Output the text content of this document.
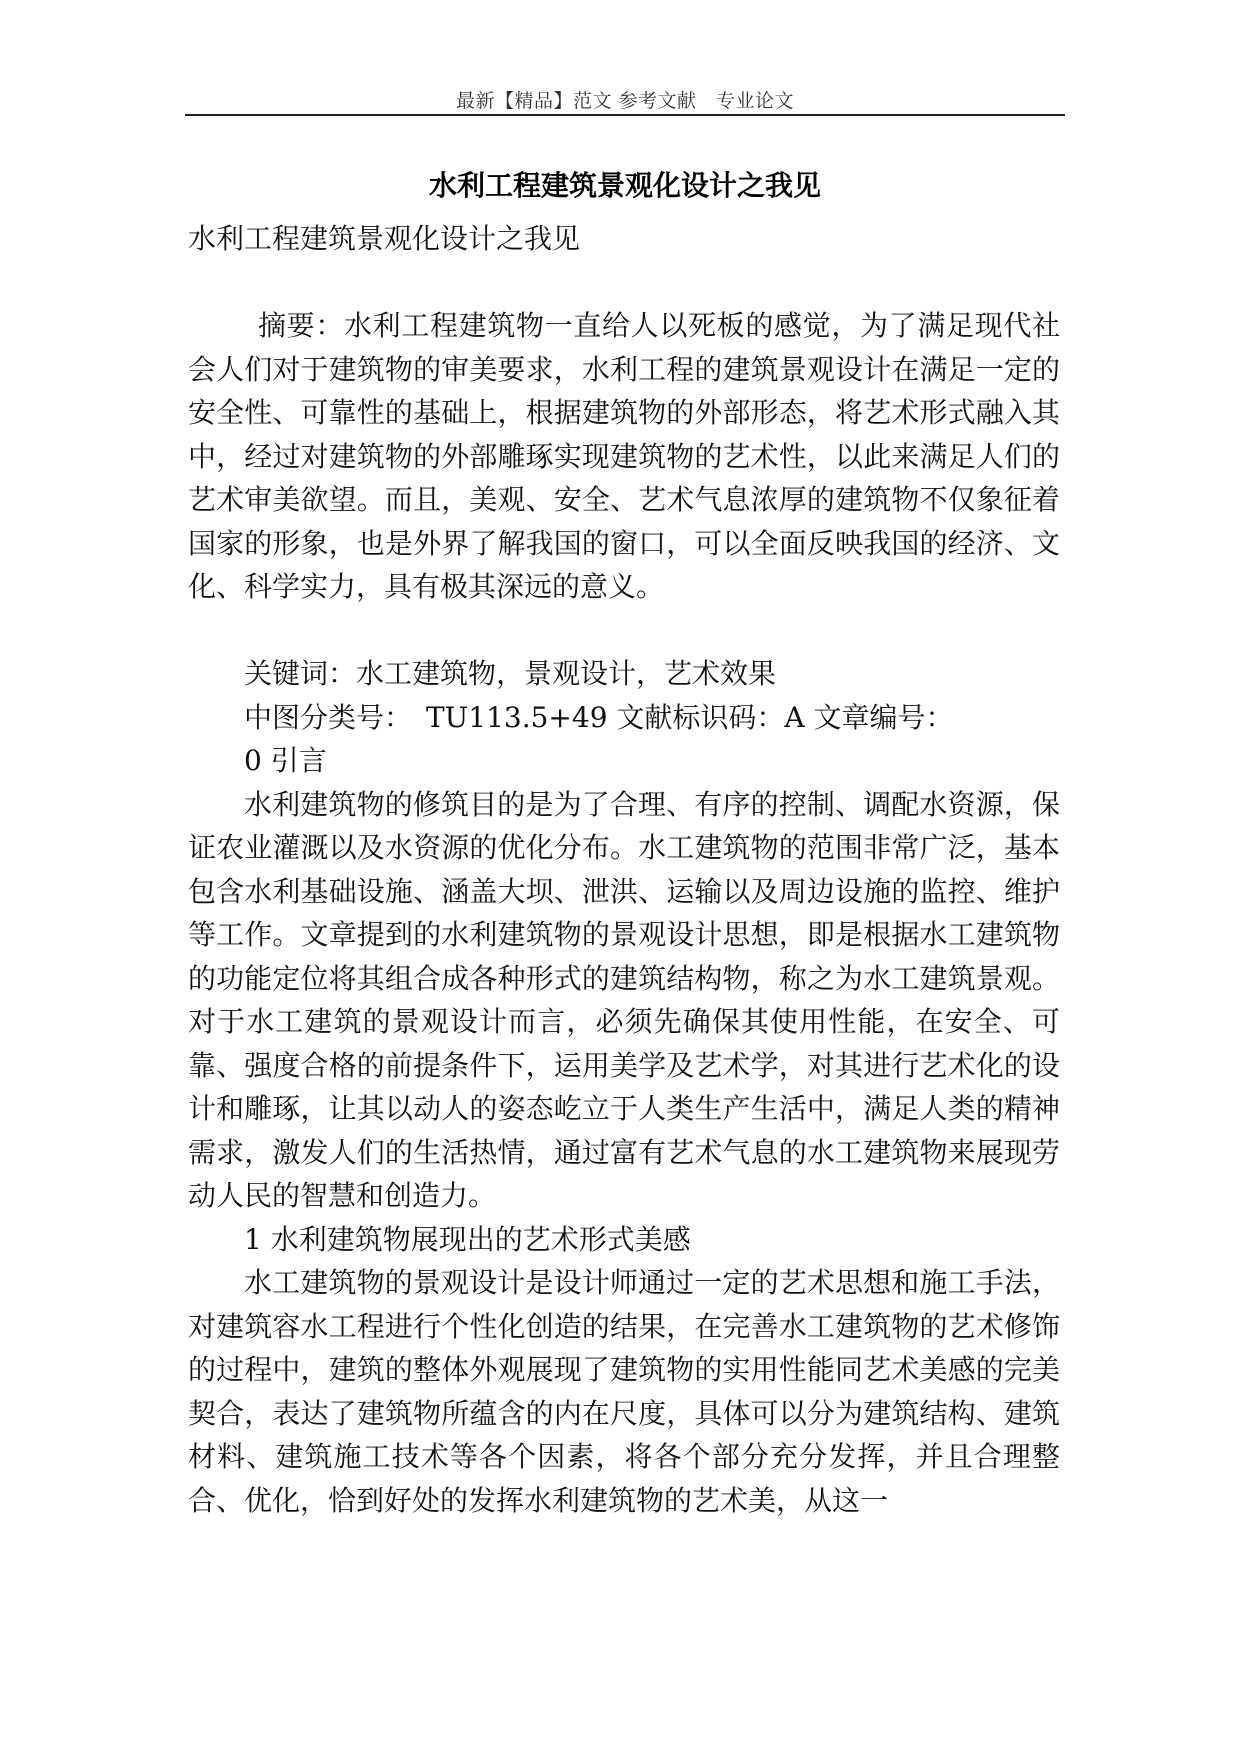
最新【精品】范文 参考文献　专业论文
水利工程建筑景观化设计之我见

水利工程建筑景观化设计之我见

摘要：水利工程建筑物一直给人以死板的感觉，为了满足现代社会人们对于建筑物的审美要求，水利工程的建筑景观设计在满足一定的安全性、可靠性的基础上，根据建筑物的外部形态，将艺术形式融入其中，经过对建筑物的外部雕琢实现建筑物的艺术性，以此来满足人们的艺术审美欲望。而且，美观、安全、艺术气息浓厚的建筑物不仅象征着国家的形象，也是外界了解我国的窗口，可以全面反映我国的经济、文化、科学实力，具有极其深远的意义。

关键词：水工建筑物，景观设计，艺术效果

中图分类号：　TU113.5+49 文献标识码：A 文章编号：

0 引言

水利建筑物的修筑目的是为了合理、有序的控制、调配水资源，保证农业灌溉以及水资源的优化分布。水工建筑物的范围非常广泛，基本包含水利基础设施、涵盖大坝、泄洪、运输以及周边设施的监控、维护等工作。文章提到的水利建筑物的景观设计思想，即是根据水工建筑物的功能定位将其组合成各种形式的建筑结构物，称之为水工建筑景观。对于水工建筑的景观设计而言，必须先确保其使用性能，在安全、可靠、强度合格的前提条件下，运用美学及艺术学，对其进行艺术化的设计和雕琢，让其以动人的姿态屹立于人类生产生活中，满足人类的精神需求，激发人们的生活热情，通过富有艺术气息的水工建筑物来展现劳动人民的智慧和创造力。

1 水利建筑物展现出的艺术形式美感

水工建筑物的景观设计是设计师通过一定的艺术思想和施工手法，对建筑容水工程进行个性化创造的结果，在完善水工建筑物的艺术修饰的过程中，建筑的整体外观展现了建筑物的实用性能同艺术美感的完美契合，表达了建筑物所蕴含的内在尺度，具体可以分为建筑结构、建筑材料、建筑施工技术等各个因素，将各个部分充分发挥，并且合理整合、优化，恰到好处的发挥水利建筑物的艺术美，从这一
